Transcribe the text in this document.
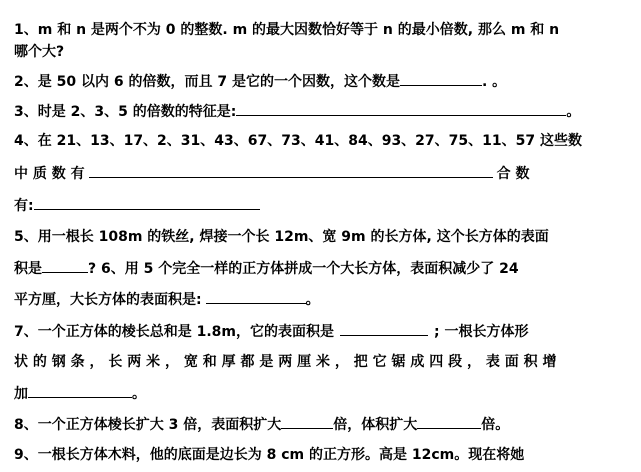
1、m 和 n 是两个不为 0 的整数. m 的最大因数恰好等于 n 的最小倍数, 那么 m 和 n
哪个大?
2、是 50 以内 6 的倍数，而且 7 是它的一个因数，这个数是	. 。
3、时是 2、3、5 的倍数的特征是:	。
4、在 21、13、17、2、31、43、67、73、41、84、93、27、75、11、57 这些数
中 质 数 有	合 数
有:
5、用一根长 108m 的铁丝, 焊接一个长 12m、宽 9m 的长方体, 这个长方体的表面
积是	? 6、用 5 个完全一样的正方体拼成一个大长方体，表面积减少了 24
平方厘，大长方体的表面积是:	。
7、一个正方体的棱长总和是 1.8m，它的表面积是	; 一根长方体形
状 的 钢 条 ， 长 两 米 ， 宽 和 厚 都 是 两 厘 米 ， 把 它 锯 成 四 段 ， 表 面 积 增
加	。
8、一个正方体棱长扩大 3 倍，表面积扩大	倍，体积扩大	倍。
9、一根长方体木料，他的底面是边长为 8 cm 的正方形。高是 12cm。现在将她
